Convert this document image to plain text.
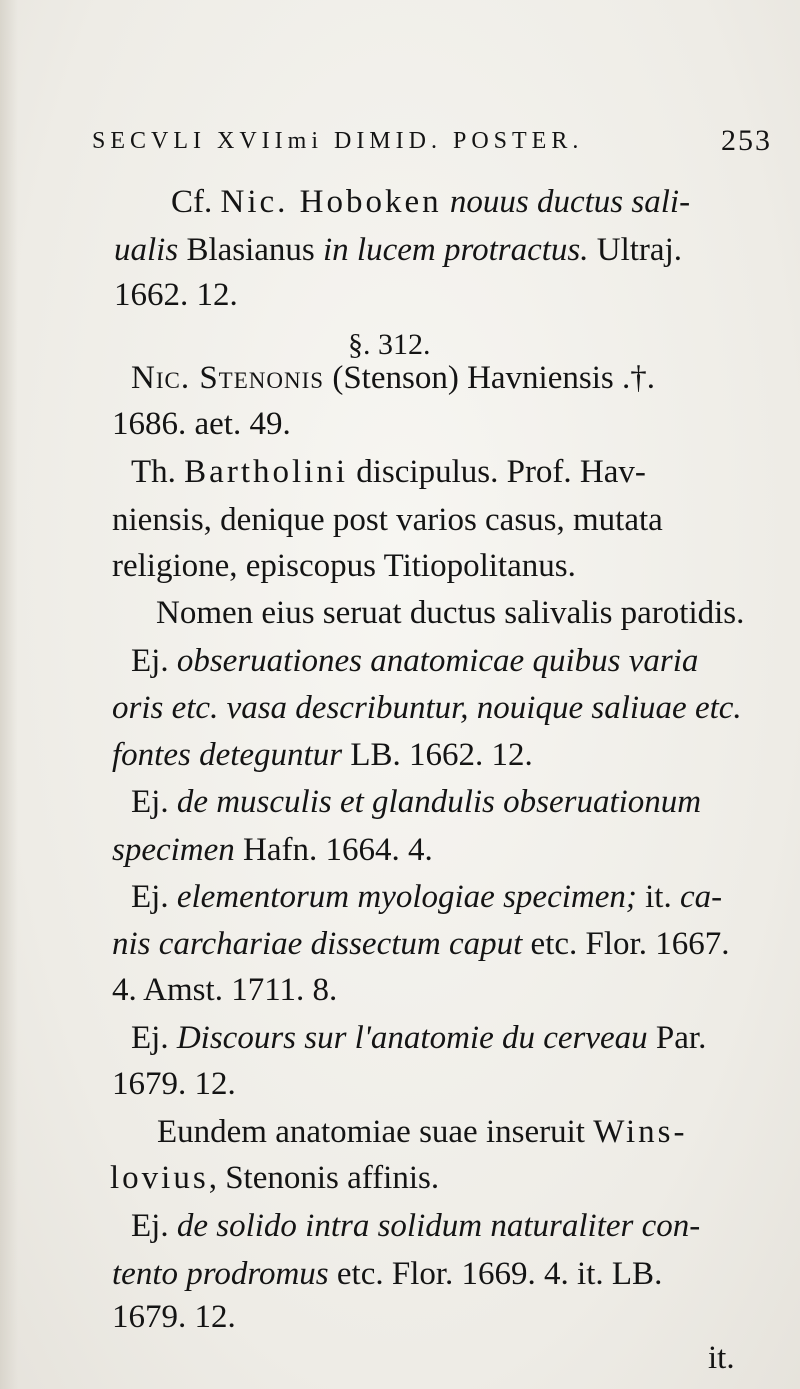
SECVLI XVIImi DIMID. POSTER.	253
Cf. Nic. Hoboken nouus ductus sali-
ualis Blasianus in lucem protractus. Ultraj.
1662. 12.
§. 312.
Nic. Stenonis (Stenson) Havniensis .†.
1686. aet. 49.
Th. Bartholini discipulus. Prof. Hav-
niensis, denique post varios casus, mutata
religione, episcopus Titiopolitanus.
Nomen eius seruat ductus salivalis parotidis.
Ej. obseruationes anatomicae quibus varia
oris etc. vasa describuntur, nouique saliuae etc.
fontes deteguntur LB. 1662. 12.
Ej. de musculis et glandulis obseruationum
specimen Hafn. 1664. 4.
Ej. elementorum myologiae specimen; it. ca-
nis carchariae dissectum caput etc. Flor. 1667.
4. Amst. 1711. 8.
Ej. Discours sur l'anatomie du cerveau Par.
1679. 12.
Eundem anatomiae suae inseruit Wins-
lovius, Stenonis affinis.
Ej. de solido intra solidum naturaliter con-
tento prodromus etc. Flor. 1669. 4. it. LB.
1679. 12.
it.
